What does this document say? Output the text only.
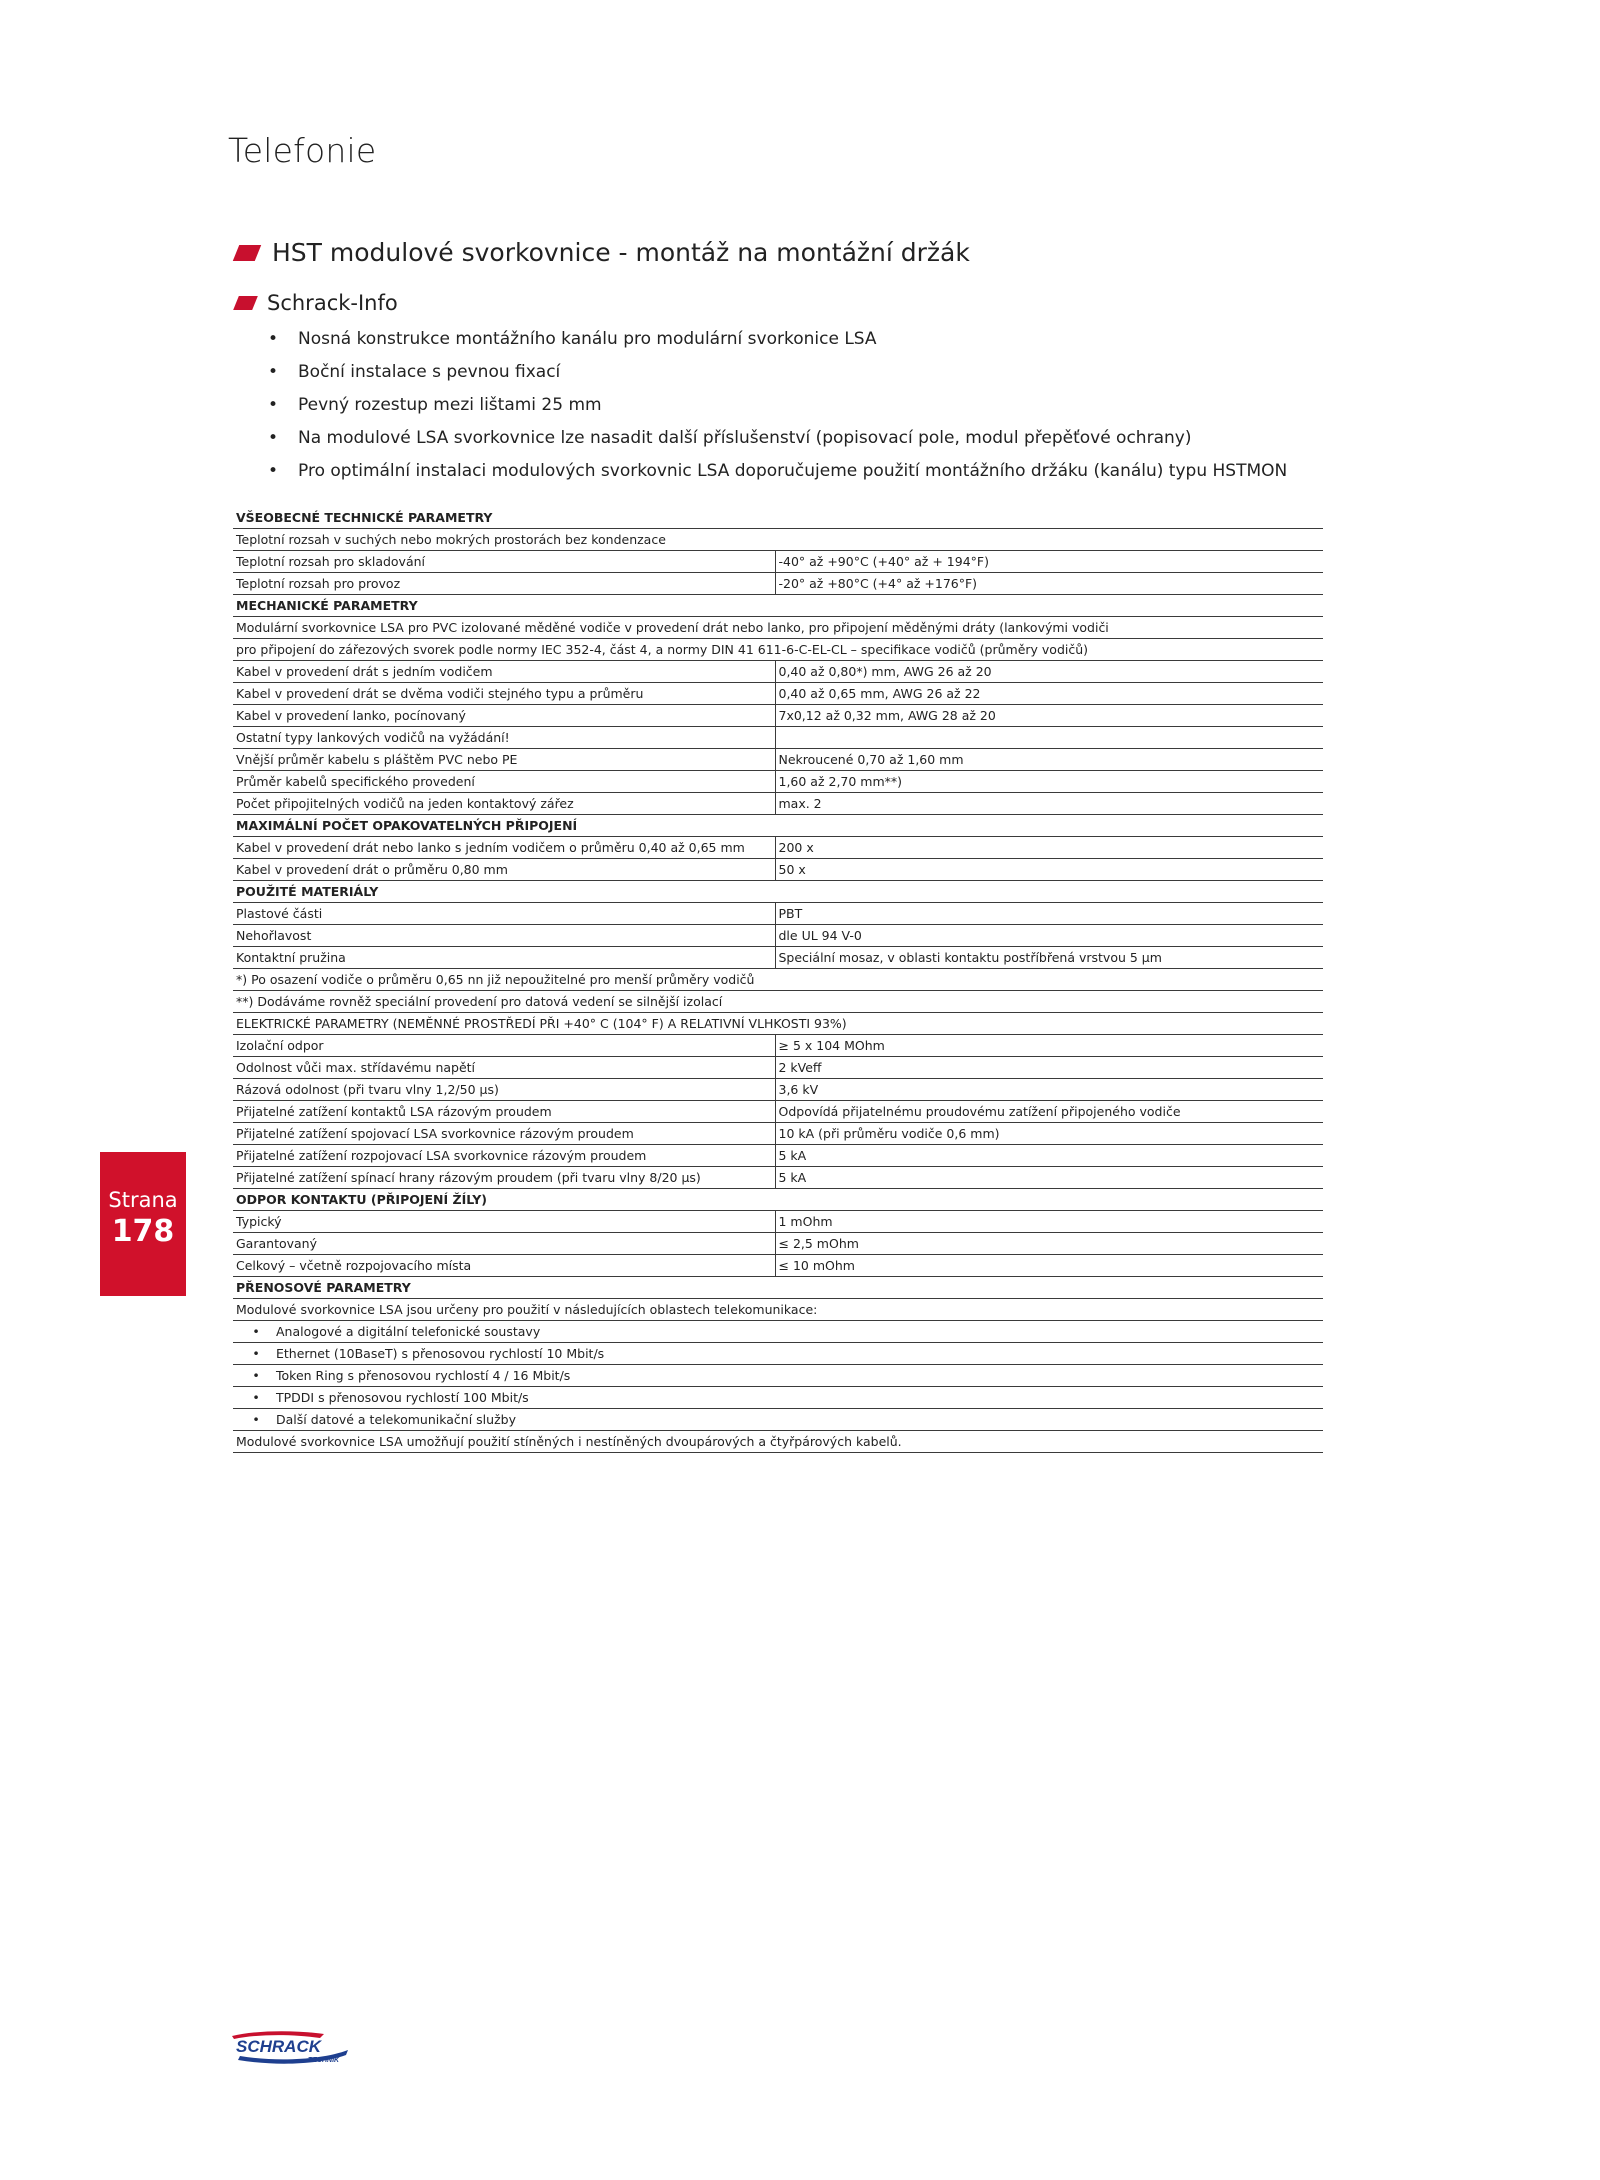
Telefonie
HST modulové svorkovnice - montáž na montážní držák
Schrack-Info
•	Nosná konstrukce montážního kanálu pro modulární svorkonice LSA
•	Boční instalace s pevnou fixací
•	Pevný rozestup mezi lištami 25 mm
•	Na modulové LSA svorkovnice lze nasadit další příslušenství (popisovací pole, modul přepěťové ochrany)
•	Pro optimální instalaci modulových svorkovnic LSA doporučujeme použití montážního držáku (kanálu) typu HSTMON
VŠEOBECNÉ TECHNICKÉ PARAMETRY	
Teplotní rozsah v suchých nebo mokrých prostorách bez kondenzace	
Teplotní rozsah pro skladování	-40° až +90°C (+40° až + 194°F)
Teplotní rozsah pro provoz	-20° až +80°C (+4° až +176°F)
MECHANICKÉ PARAMETRY	
Modulární svorkovnice LSA pro PVC izolované měděné vodiče v provedení drát nebo lanko, pro připojení měděnými dráty (lankovými vodiči	
pro připojení do zářezových svorek podle normy IEC 352-4, část 4, a normy DIN 41 611-6-C-EL-CL – specifikace vodičů (průměry vodičů)	
Kabel v provedení drát s jedním vodičem	0,40 až 0,80*) mm, AWG 26 až 20
Kabel v provedení drát se dvěma vodiči stejného typu a průměru	0,40 až 0,65 mm, AWG 26 až 22
Kabel v provedení lanko, pocínovaný	7x0,12 až 0,32 mm, AWG 28 až 20
Ostatní typy lankových vodičů na vyžádání!	
Vnější průměr kabelu s pláštěm PVC nebo PE	Nekroucené 0,70 až 1,60 mm
Průměr kabelů specifického provedení	1,60 až 2,70 mm**)
Počet připojitelných vodičů na jeden kontaktový zářez	max. 2
MAXIMÁLNÍ POČET OPAKOVATELNÝCH PŘIPOJENÍ	
Kabel v provedení drát nebo lanko s jedním vodičem o průměru 0,40 až 0,65 mm	200 x
Kabel v provedení drát o průměru 0,80 mm	50 x
POUŽITÉ MATERIÁLY	
Plastové části	PBT
Nehořlavost	dle UL 94 V-0
Kontaktní pružina	Speciální mosaz, v oblasti kontaktu postříbřená vrstvou 5 µm
*) Po osazení vodiče o průměru 0,65 nn již nepoužitelné pro menší průměry vodičů	
**) Dodáváme rovněž speciální provedení pro datová vedení se silnější izolací	
ELEKTRICKÉ PARAMETRY (NEMĚNNÉ PROSTŘEDÍ PŘI +40° C (104° F) A RELATIVNÍ VLHKOSTI 93%)	
Izolační odpor	≥ 5 x 104 MOhm
Odolnost vůči max. střídavému napětí	2 kVeff
Rázová odolnost (při tvaru vlny 1,2/50 µs)	3,6 kV
Přijatelné zatížení kontaktů LSA rázovým proudem	Odpovídá přijatelnému proudovému zatížení připojeného vodiče
Přijatelné zatížení spojovací LSA svorkovnice rázovým proudem	10 kA (při průměru vodiče 0,6 mm)
Přijatelné zatížení rozpojovací LSA svorkovnice rázovým proudem	5 kA
Přijatelné zatížení spínací hrany rázovým proudem (při tvaru vlny 8/20 µs)	5 kA
ODPOR KONTAKTU (PŘIPOJENÍ ŽÍLY)	
Typický	1 mOhm
Garantovaný	≤ 2,5 mOhm
Celkový – včetně rozpojovacího místa	≤ 10 mOhm
PŘENOSOVÉ PARAMETRY	
Modulové svorkovnice LSA jsou určeny pro použití v následujících oblastech telekomunikace:	
• Analogové a digitální telefonické soustavy	
• Ethernet (10BaseT) s přenosovou rychlostí 10 Mbit/s	
• Token Ring s přenosovou rychlostí 4 / 16 Mbit/s	
• TPDDI s přenosovou rychlostí 100 Mbit/s	
• Další datové a telekomunikační služby	
Modulové svorkovnice LSA umožňují použití stíněných i nestíněných dvoupárových a čtyřpárových kabelů.	
Strana
178
SCHRACK
TECHNIK
